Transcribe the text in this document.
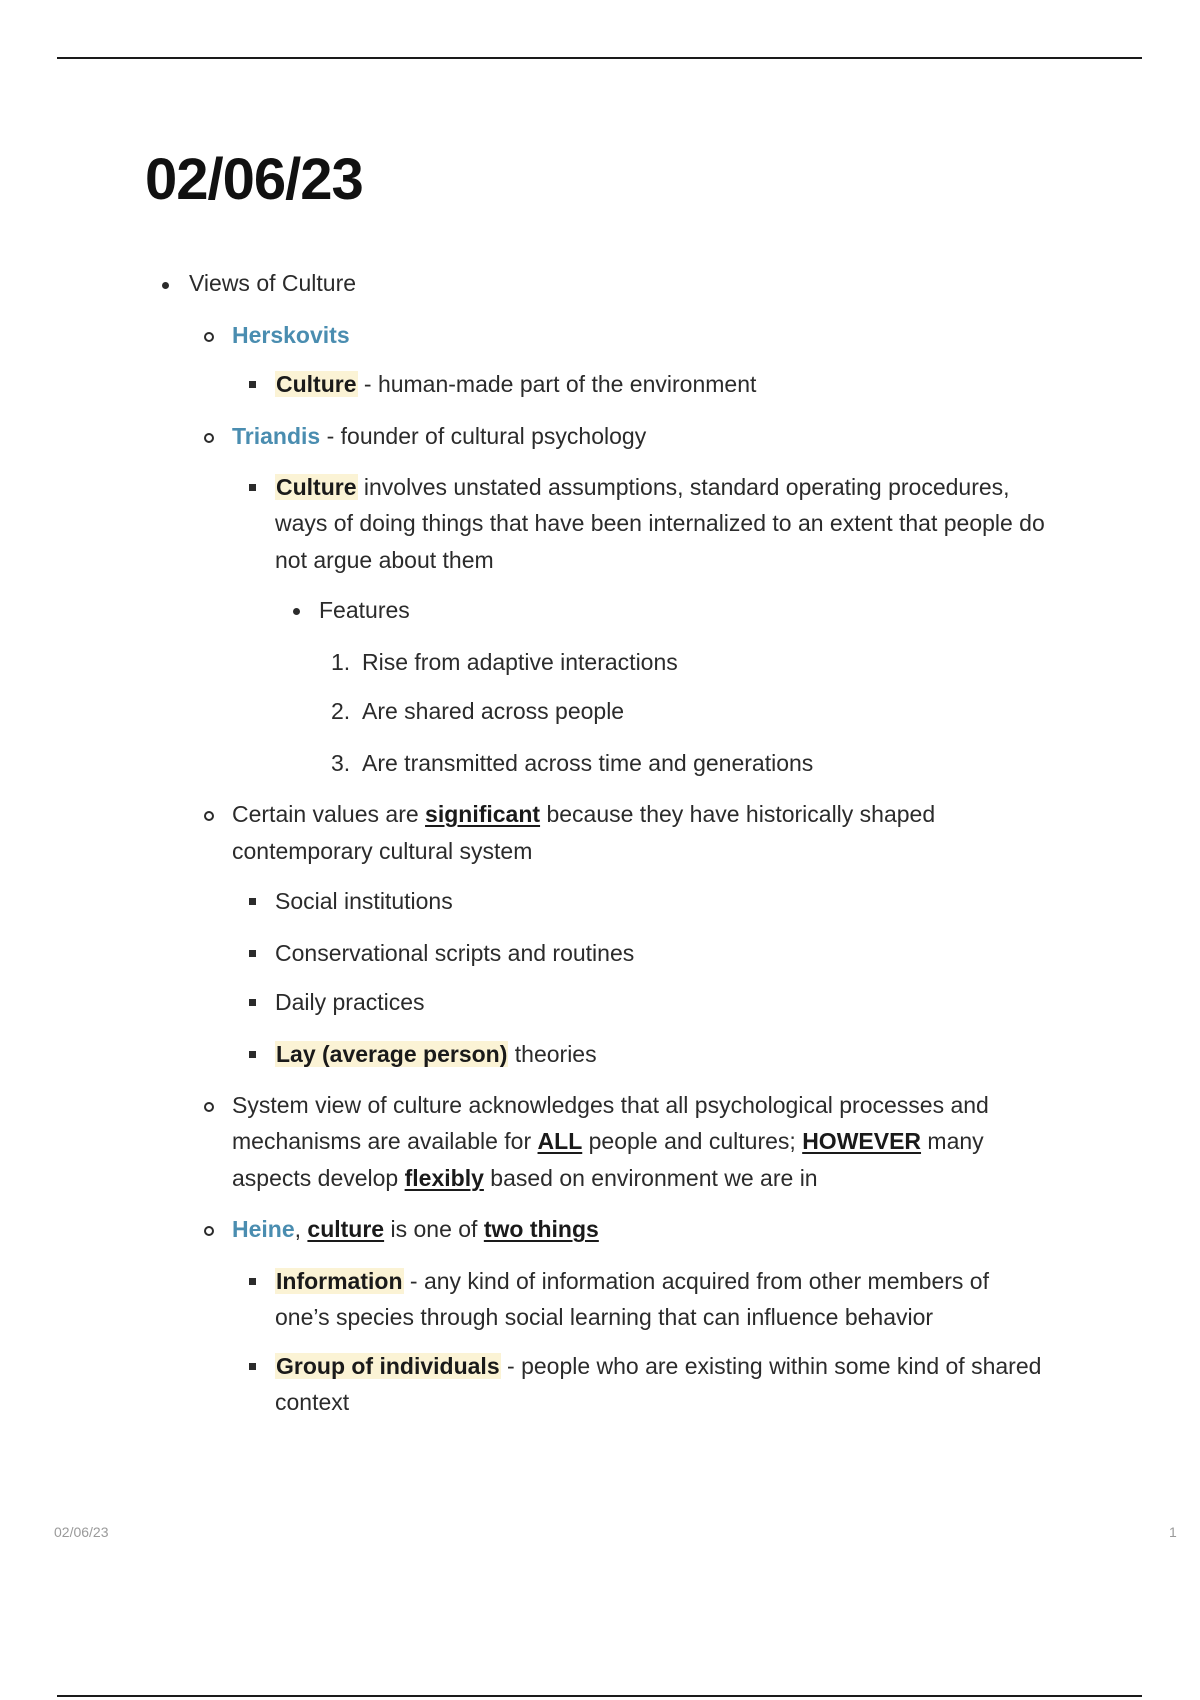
02/06/23
Views of Culture
Herskovits
Culture - human-made part of the environment
Triandis - founder of cultural psychology
Culture involves unstated assumptions, standard operating procedures,
ways of doing things that have been internalized to an extent that people do
not argue about them
Features
1. Rise from adaptive interactions
2. Are shared across people
3. Are transmitted across time and generations
Certain values are significant because they have historically shaped
contemporary cultural system
Social institutions
Conservational scripts and routines
Daily practices
Lay (average person) theories
System view of culture acknowledges that all psychological processes and
mechanisms are available for ALL people and cultures; HOWEVER many
aspects develop flexibly based on environment we are in
Heine, culture is one of two things
Information - any kind of information acquired from other members of
one’s species through social learning that can influence behavior
Group of individuals - people who are existing within some kind of shared
context
02/06/23	1
